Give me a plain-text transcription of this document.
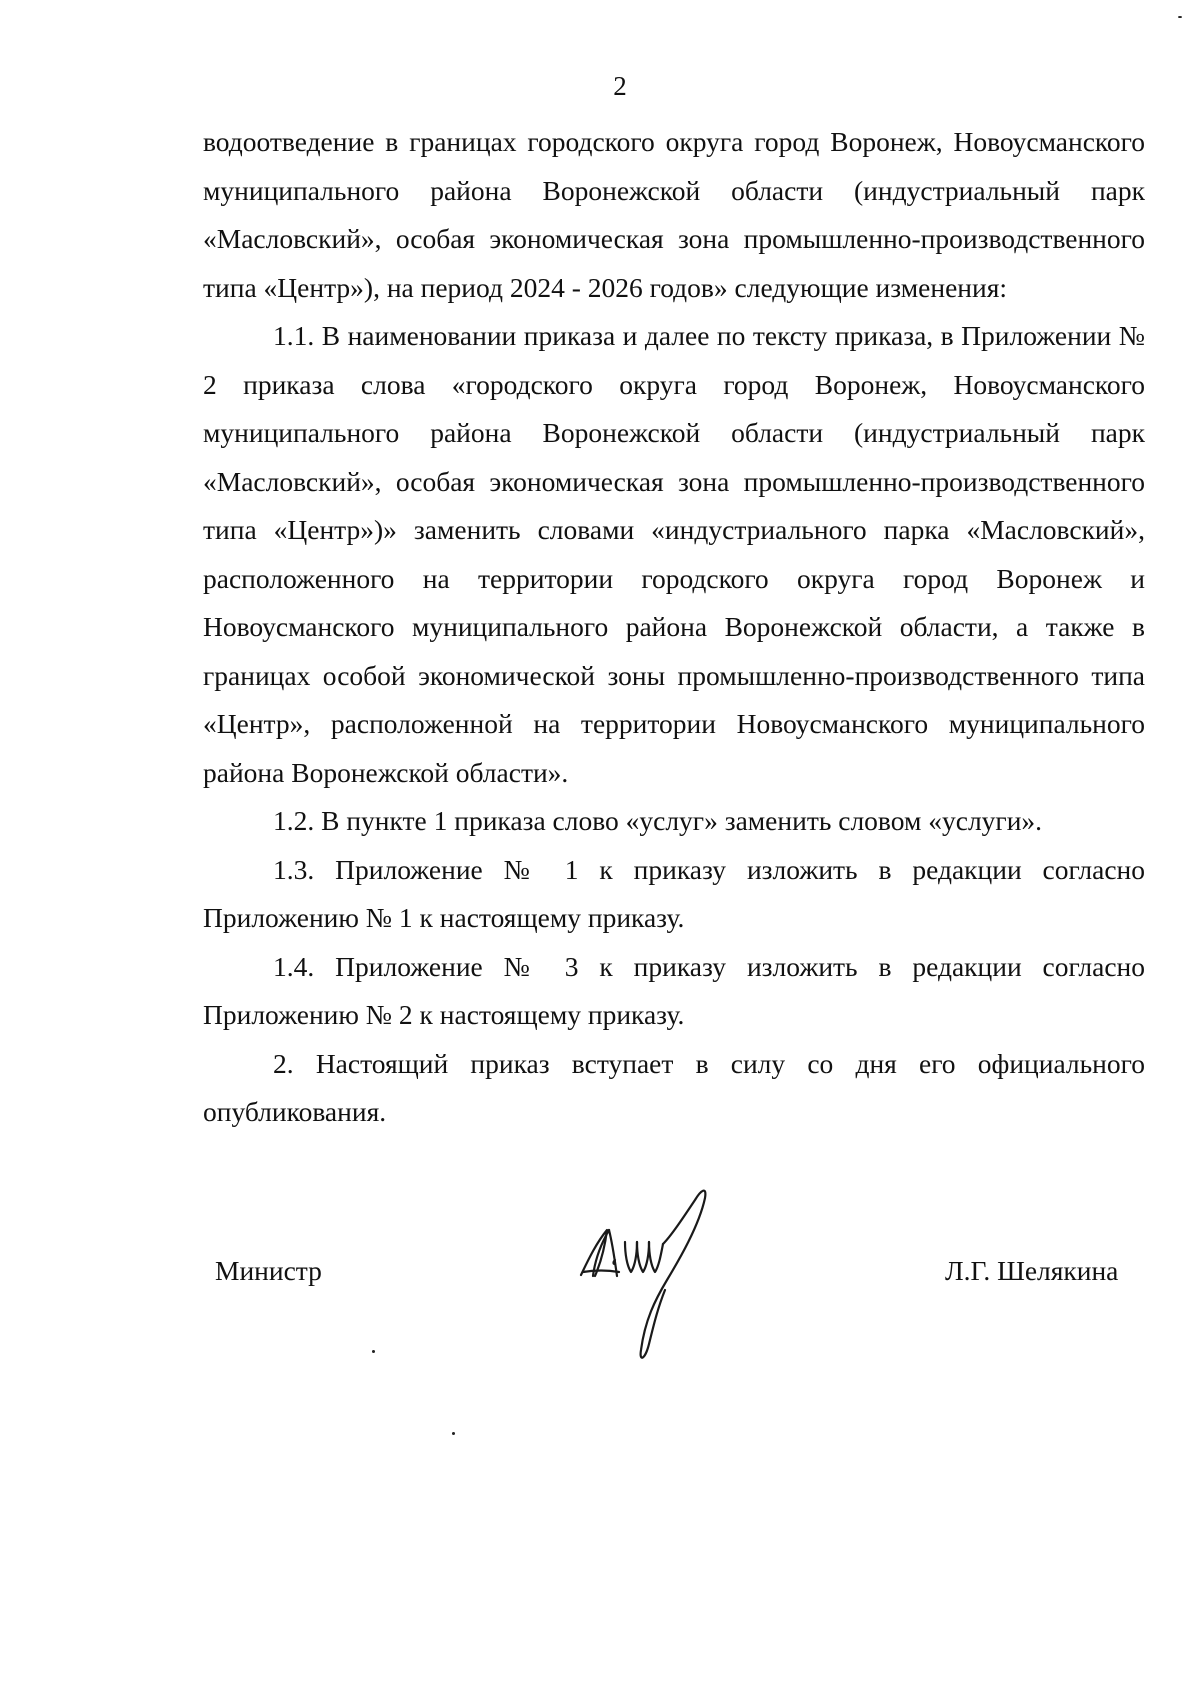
2

водоотведение в границах городского округа город Воронеж, Новоусманского муниципального района Воронежской области (индустриальный парк «Масловский», особая экономическая зона промышленно-производственного типа «Центр»), на период 2024 - 2026 годов» следующие изменения:

1.1. В наименовании приказа и далее по тексту приказа, в Приложении № 2 приказа слова «городского округа город Воронеж, Новоусманского муниципального района Воронежской области (индустриальный парк «Масловский», особая экономическая зона промышленно-производственного типа «Центр»)» заменить словами «индустриального парка «Масловский», расположенного на территории городского округа город Воронеж и Новоусманского муниципального района Воронежской области, а также в границах особой экономической зоны промышленно-производственного типа «Центр», расположенной на территории Новоусманского муниципального района Воронежской области».

1.2. В пункте 1 приказа слово «услуг» заменить словом «услуги».

1.3. Приложение № 1 к приказу изложить в редакции согласно Приложению № 1 к настоящему приказу.

1.4. Приложение № 3 к приказу изложить в редакции согласно Приложению № 2 к настоящему приказу.

2. Настоящий приказ вступает в силу со дня его официального опубликования.

Министр	Л.Г. Шелякина
